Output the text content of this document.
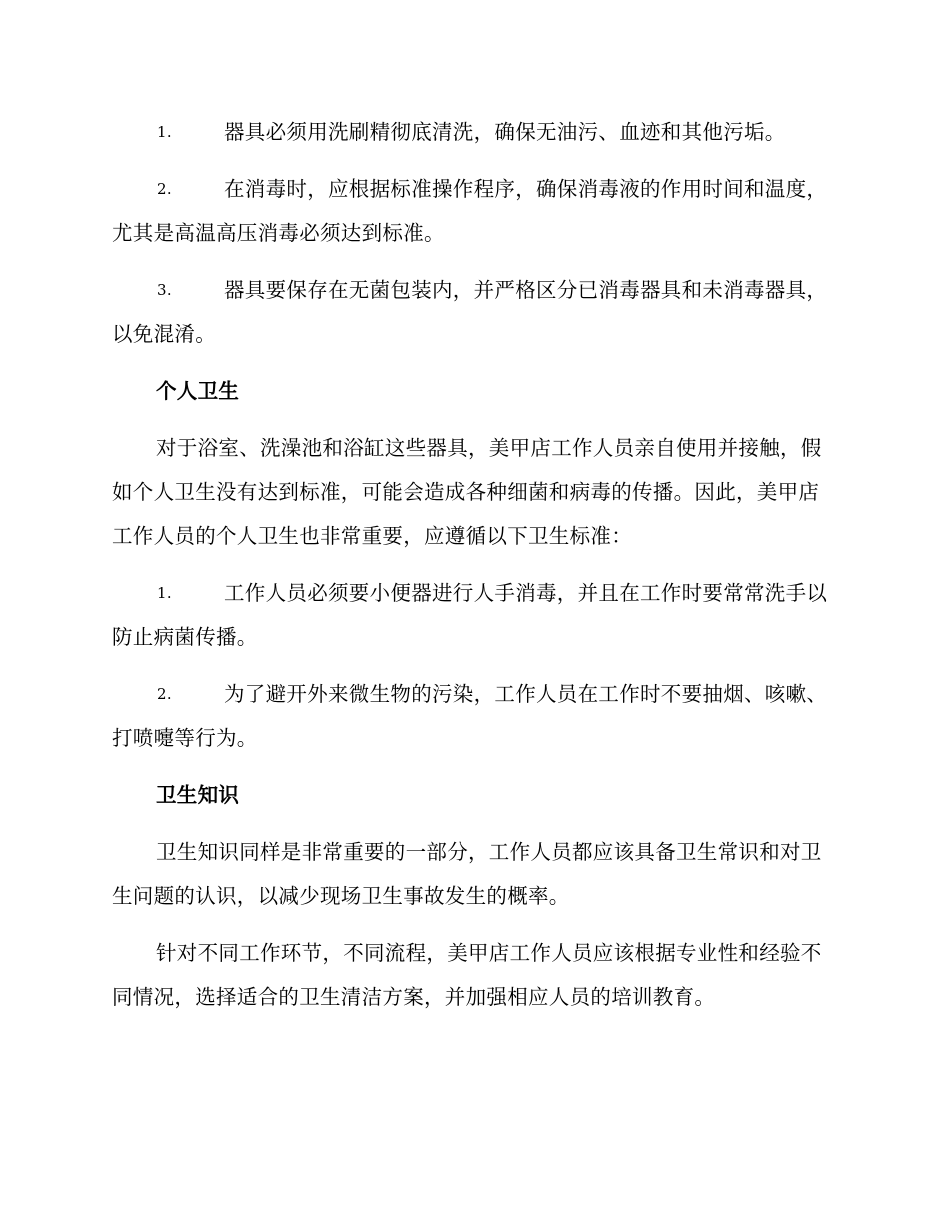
1.	器具必须用洗刷精彻底清洗，确保无油污、血迹和其他污垢。

2.	在消毒时，应根据标准操作程序，确保消毒液的作用时间和温度，尤其是高温高压消毒必须达到标准。

3.	器具要保存在无菌包装内，并严格区分已消毒器具和未消毒器具，以免混淆。

个人卫生

对于浴室、洗澡池和浴缸这些器具，美甲店工作人员亲自使用并接触，假如个人卫生没有达到标准，可能会造成各种细菌和病毒的传播。因此，美甲店工作人员的个人卫生也非常重要，应遵循以下卫生标准：

1.	工作人员必须要小便器进行人手消毒，并且在工作时要常常洗手以防止病菌传播。

2.	为了避开外来微生物的污染，工作人员在工作时不要抽烟、咳嗽、打喷嚏等行为。

卫生知识

卫生知识同样是非常重要的一部分，工作人员都应该具备卫生常识和对卫生问题的认识，以减少现场卫生事故发生的概率。

针对不同工作环节，不同流程，美甲店工作人员应该根据专业性和经验不同情况，选择适合的卫生清洁方案，并加强相应人员的培训教育。
